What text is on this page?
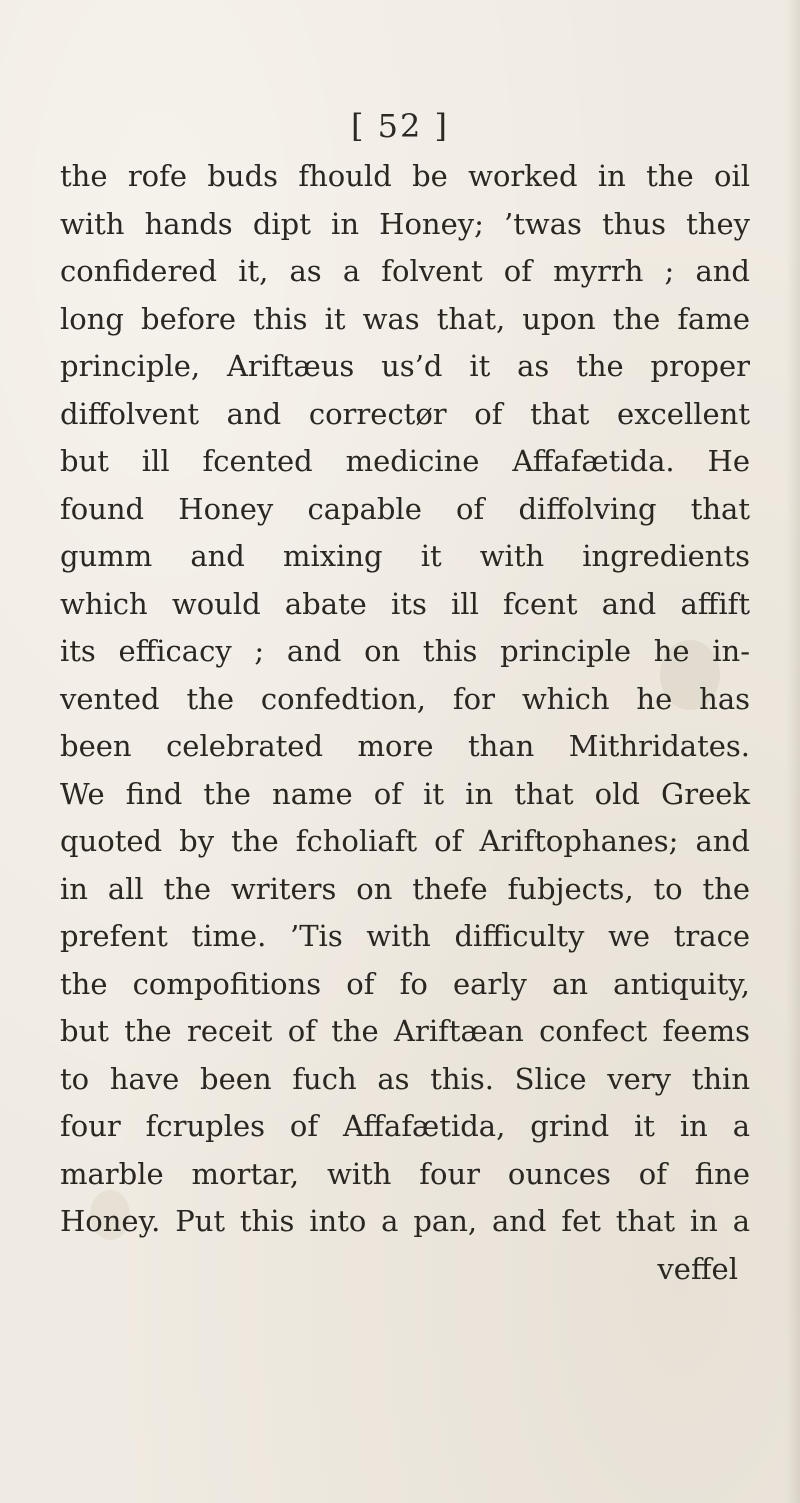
[ 52 ]
the rofe buds fhould be worked in the oil
with hands dipt in Honey; ’twas thus they
confidered it, as a folvent of myrrh ; and
long before this it was that, upon the fame
principle, Ariftæus us’d it as the proper
diffolvent and correctør of that excellent
but ill fcented medicine Affafætida. He
found Honey capable of diffolving that
gumm and mixing it with ingredients
which would abate its ill fcent and affift
its efficacy ; and on this principle he in-
vented the confedtion, for which he has
been celebrated more than Mithridates.
We find the name of it in that old Greek
quoted by the fcholiaft of Ariftophanes; and
in all the writers on thefe fubjects, to the
prefent time. ’Tis with difficulty we trace
the compofitions of fo early an antiquity,
but the receit of the Ariftæan confect feems
to have been fuch as this. Slice very thin
four fcruples of Affafætida, grind it in a
marble mortar, with four ounces of fine
Honey. Put this into a pan, and fet that in a
veffel
